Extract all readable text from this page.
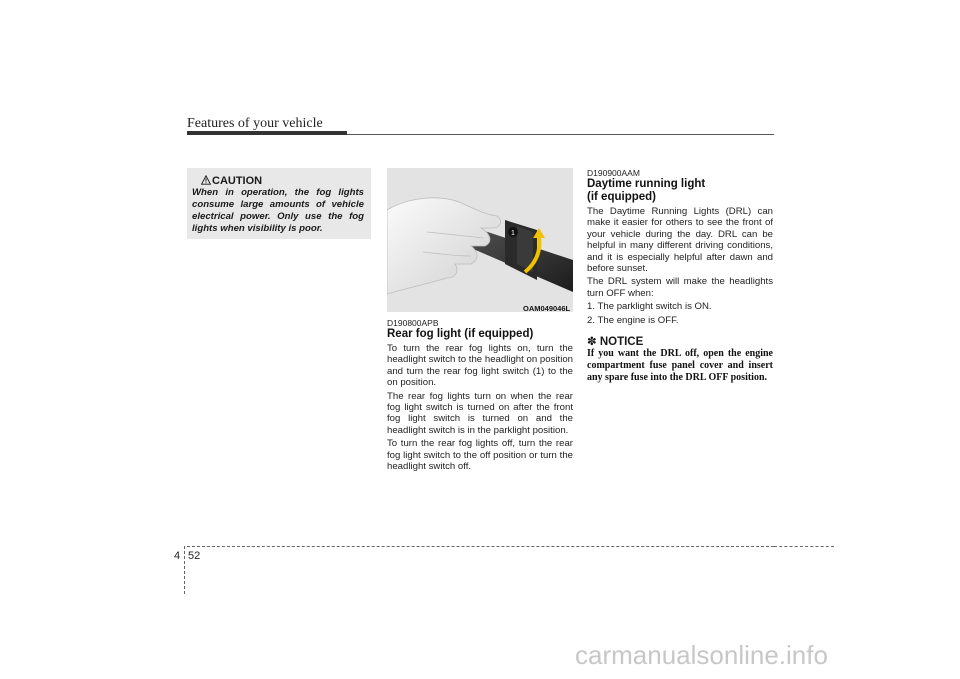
Features of your vehicle
CAUTION
When in operation, the fog lights consume large amounts of vehicle electrical power. Only use the fog lights when visibility is poor.	1
OAM049046L
D190800APB
Rear fog light (if equipped)

To turn the rear fog lights on, turn the headlight switch to the headlight on position and turn the rear fog light switch (1) to the on position.

The rear fog lights turn on when the rear fog light switch is turned on after the front fog light switch is turned on and the headlight switch is in the parklight position.

To turn the rear fog lights off, turn the rear fog light switch to the off position or turn the headlight switch off.

D190900AAM
Daytime running light
(if equipped)

The Daytime Running Lights (DRL) can make it easier for others to see the front of your vehicle during the day. DRL can be helpful in many different driving conditions, and it is especially helpful after dawn and before sunset.

The DRL system will make the headlights turn OFF when:

1. The parklight switch is ON.

2. The engine is OFF.

✽ NOTICE
If you want the DRL off, open the engine compartment fuse panel cover and insert any spare fuse into the DRL OFF position.
4 52
carmanualsonline.info
